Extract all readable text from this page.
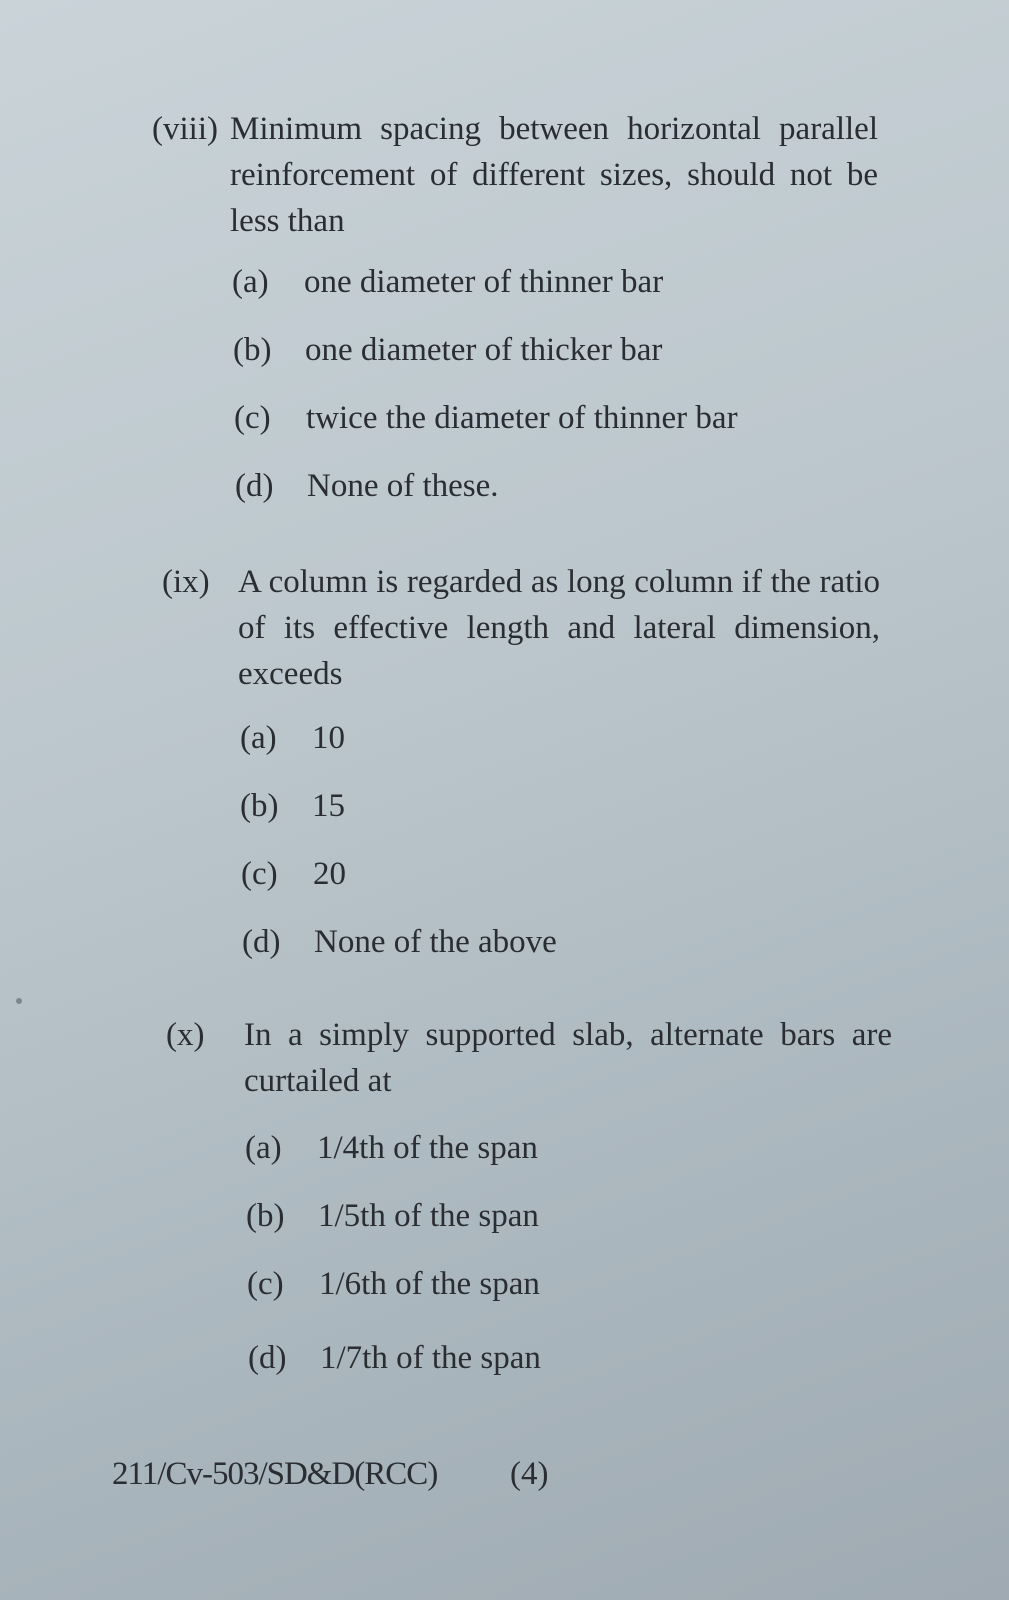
(viii) Minimum spacing between horizontal parallel reinforcement of different sizes, should not be less than
(a) one diameter of thinner bar
(b) one diameter of thicker bar
(c) twice the diameter of thinner bar
(d) None of these.
(ix) A column is regarded as long column if the ratio of its effective length and lateral dimension, exceeds
(a) 10
(b) 15
(c) 20
(d) None of the above
(x) In a simply supported slab, alternate bars are curtailed at
(a) 1/4th of the span
(b) 1/5th of the span
(c) 1/6th of the span
(d) 1/7th of the span
211/Cv-503/SD&D(RCC) (4)
